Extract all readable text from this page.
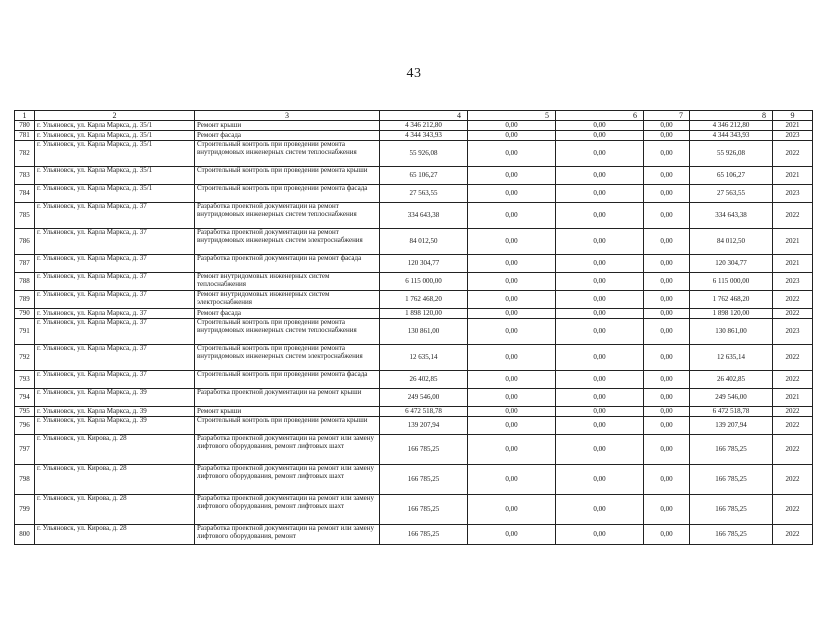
43
1	2	3	4	5	6	7	8	9
780	г. Ульяновск, ул. Карла Маркса, д. 35/1	Ремонт крыши	4 346 212,80	0,00	0,00	0,00	4 346 212,80	2021
781	г. Ульяновск, ул. Карла Маркса, д. 35/1	Ремонт фасада	4 344 343,93	0,00	0,00	0,00	4 344 343,93	2023
782	г. Ульяновск, ул. Карла Маркса, д. 35/1	Строительный контроль при проведении ремонта внутридомовых инженерных систем теплоснабжения	55 926,08	0,00	0,00	0,00	55 926,08	2022
783	г. Ульяновск, ул. Карла Маркса, д. 35/1	Строительный контроль при проведении ремонта крыши	65 106,27	0,00	0,00	0,00	65 106,27	2021
784	г. Ульяновск, ул. Карла Маркса, д. 35/1	Строительный контроль при проведении ремонта фасада	27 563,55	0,00	0,00	0,00	27 563,55	2023
785	г. Ульяновск, ул. Карла Маркса, д. 37	Разработка проектной документации на ремонт внутридомовых инженерных систем теплоснабжения	334 643,38	0,00	0,00	0,00	334 643,38	2022
786	г. Ульяновск, ул. Карла Маркса, д. 37	Разработка проектной документации на ремонт внутридомовых инженерных систем электроснабжения	84 012,50	0,00	0,00	0,00	84 012,50	2021
787	г. Ульяновск, ул. Карла Маркса, д. 37	Разработка проектной документации на ремонт фасада	120 304,77	0,00	0,00	0,00	120 304,77	2021
788	г. Ульяновск, ул. Карла Маркса, д. 37	Ремонт внутридомовых инженерных систем теплоснабжения	6 115 000,00	0,00	0,00	0,00	6 115 000,00	2023
789	г. Ульяновск, ул. Карла Маркса, д. 37	Ремонт внутридомовых инженерных систем электроснабжения	1 762 468,20	0,00	0,00	0,00	1 762 468,20	2022
790	г. Ульяновск, ул. Карла Маркса, д. 37	Ремонт фасада	1 898 120,00	0,00	0,00	0,00	1 898 120,00	2022
791	г. Ульяновск, ул. Карла Маркса, д. 37	Строительный контроль при проведении ремонта внутридомовых инженерных систем теплоснабжения	130 861,00	0,00	0,00	0,00	130 861,00	2023
792	г. Ульяновск, ул. Карла Маркса, д. 37	Строительный контроль при проведении ремонта внутридомовых инженерных систем электроснабжения	12 635,14	0,00	0,00	0,00	12 635,14	2022
793	г. Ульяновск, ул. Карла Маркса, д. 37	Строительный контроль при проведении ремонта фасада	26 402,85	0,00	0,00	0,00	26 402,85	2022
794	г. Ульяновск, ул. Карла Маркса, д. 39	Разработка проектной документации на ремонт крыши	249 546,00	0,00	0,00	0,00	249 546,00	2021
795	г. Ульяновск, ул. Карла Маркса, д. 39	Ремонт крыши	6 472 518,78	0,00	0,00	0,00	6 472 518,78	2022
796	г. Ульяновск, ул. Карла Маркса, д. 39	Строительный контроль при проведении ремонта крыши	139 207,94	0,00	0,00	0,00	139 207,94	2022
797	г. Ульяновск, ул. Кирова, д. 28	Разработка проектной документации на ремонт или замену лифтового оборудования, ремонт лифтовых шахт	166 785,25	0,00	0,00	0,00	166 785,25	2022
798	г. Ульяновск, ул. Кирова, д. 28	Разработка проектной документации на ремонт или замену лифтового оборудования, ремонт лифтовых шахт	166 785,25	0,00	0,00	0,00	166 785,25	2022
799	г. Ульяновск, ул. Кирова, д. 28	Разработка проектной документации на ремонт или замену лифтового оборудования, ремонт лифтовых шахт	166 785,25	0,00	0,00	0,00	166 785,25	2022
800	г. Ульяновск, ул. Кирова, д. 28	Разработка проектной документации на ремонт или замену лифтового оборудования, ремонт	166 785,25	0,00	0,00	0,00	166 785,25	2022
